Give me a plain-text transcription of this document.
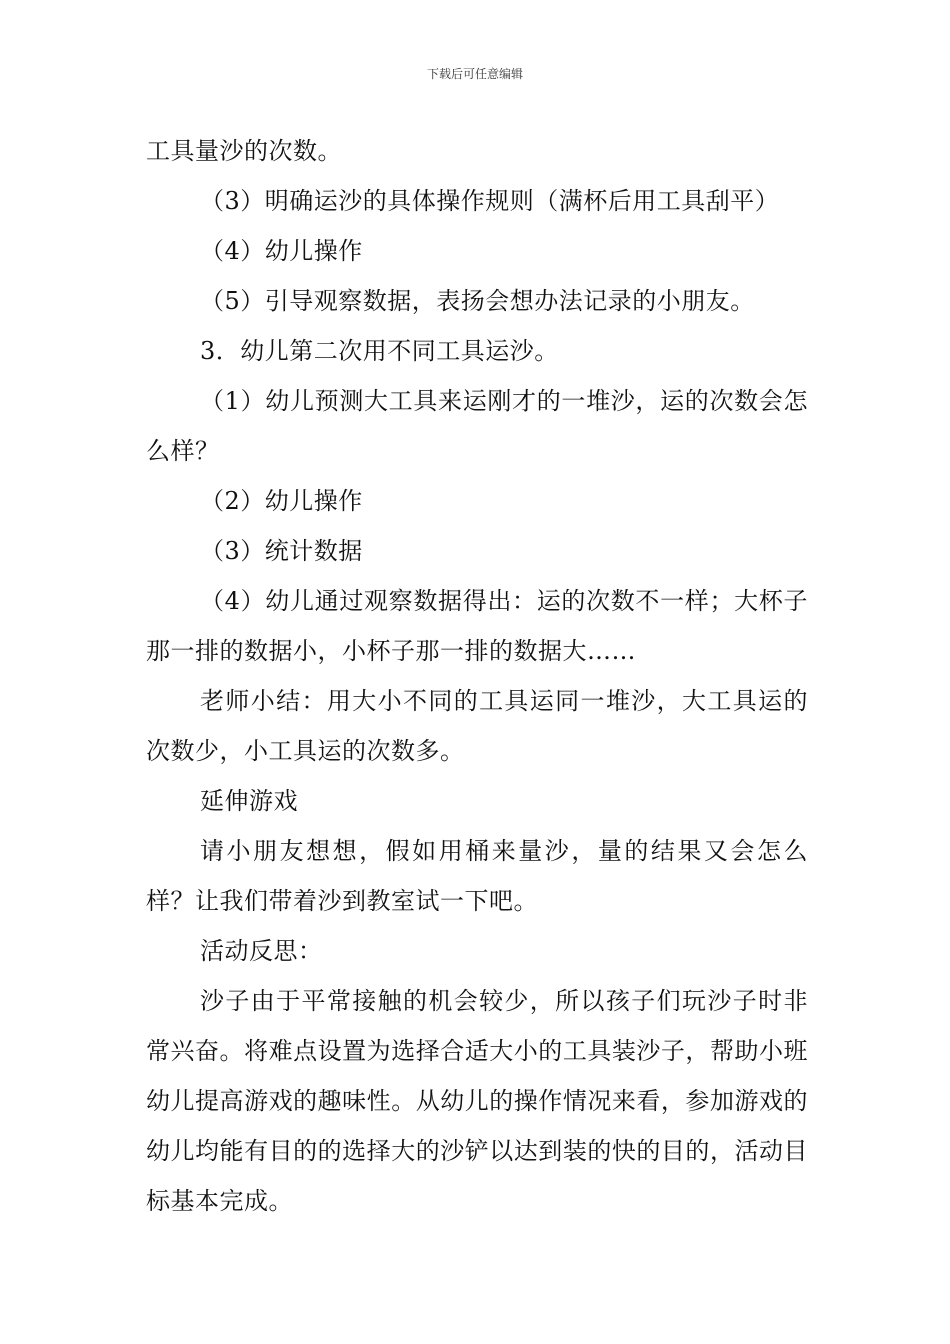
下载后可任意编辑

工具量沙的次数。

（3）明确运沙的具体操作规则（满杯后用工具刮平）

（4）幼儿操作

（5）引导观察数据，表扬会想办法记录的小朋友。

3．幼儿第二次用不同工具运沙。

（1）幼儿预测大工具来运刚才的一堆沙，运的次数会怎么样？

（2）幼儿操作

（3）统计数据

（4）幼儿通过观察数据得出：运的次数不一样；大杯子那一排的数据小，小杯子那一排的数据大……

老师小结：用大小不同的工具运同一堆沙，大工具运的次数少，小工具运的次数多。

延伸游戏

请小朋友想想，假如用桶来量沙，量的结果又会怎么样？让我们带着沙到教室试一下吧。

活动反思：

沙子由于平常接触的机会较少，所以孩子们玩沙子时非常兴奋。将难点设置为选择合适大小的工具装沙子，帮助小班幼儿提高游戏的趣味性。从幼儿的操作情况来看，参加游戏的幼儿均能有目的的选择大的沙铲以达到装的快的目的，活动目标基本完成。
